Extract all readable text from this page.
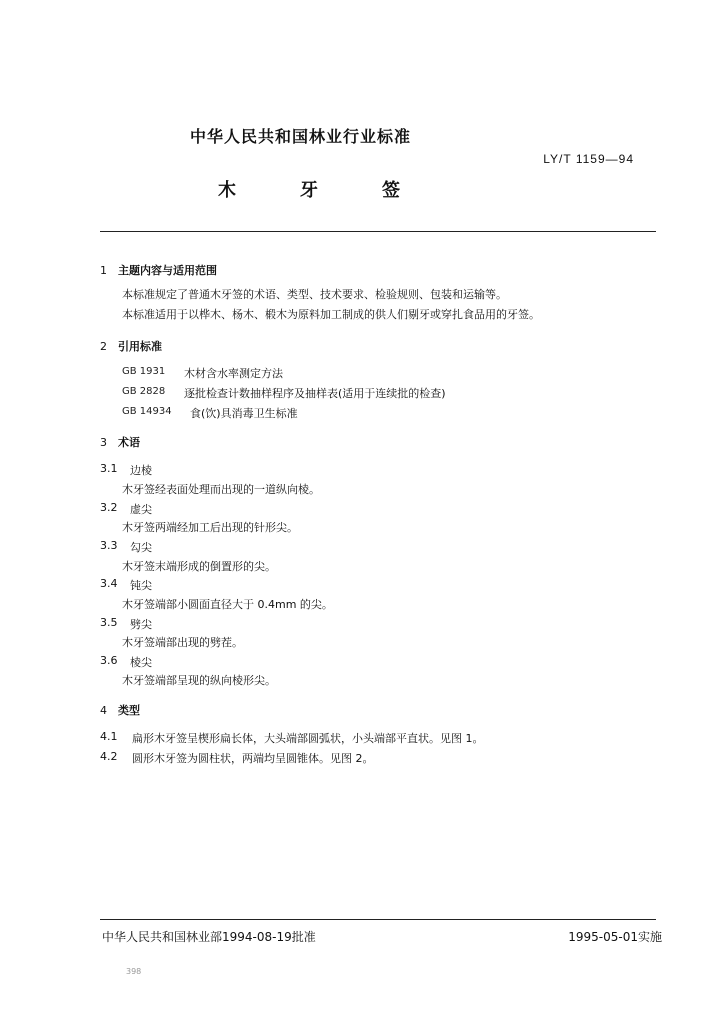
中华人民共和国林业行业标准
LY/T 1159—94
木	牙	签
1 主题内容与适用范围
本标准规定了普通木牙签的术语、类型、技术要求、检验规则、包装和运输等。
本标准适用于以桦木、杨木、椴木为原料加工制成的供人们剔牙或穿扎食品用的牙签。
2 引用标准
GB 1931 木材含水率测定方法
GB 2828 逐批检查计数抽样程序及抽样表(适用于连续批的检查)
GB 14934 食(饮)具消毒卫生标准
3 术语
3.1 边棱
木牙签经表面处理而出现的一道纵向棱。
3.2 虚尖
木牙签两端经加工后出现的针形尖。
3.3 勾尖
木牙签末端形成的倒置形的尖。
3.4 钝尖
木牙签端部小圆面直径大于 0.4mm 的尖。
3.5 劈尖
木牙签端部出现的劈茬。
3.6 棱尖
木牙签端部呈现的纵向棱形尖。
4 类型
4.1 扁形木牙签呈楔形扁长体，大头端部圆弧状，小头端部平直状。见图 1。
4.2 圆形木牙签为圆柱状，两端均呈圆锥体。见图 2。
中华人民共和国林业部1994-08-19批准	1995-05-01实施
398
